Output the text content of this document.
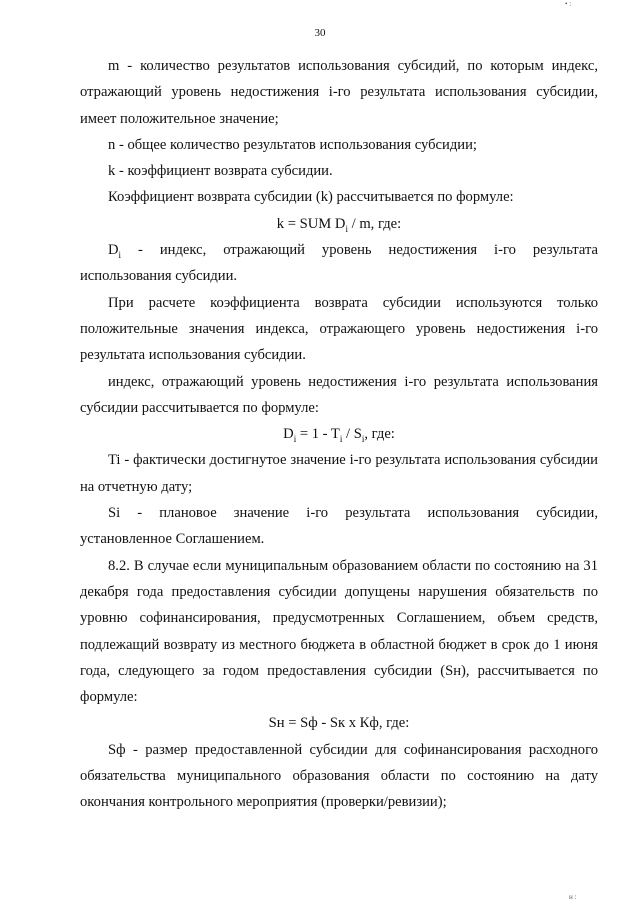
• :
30

m - количество результатов использования субсидий, по которым индекс, отражающий уровень недостижения i-го результата использования субсидии, имеет положительное значение;

n - общее количество результатов использования субсидии;

k - коэффициент возврата субсидии.

Коэффициент возврата субсидии (k) рассчитывается по формуле:

k = SUM $D_i$ / m, где:

$D_i$ - индекс, отражающий уровень недостижения i-го результата использования субсидии.

При расчете коэффициента возврата субсидии используются только положительные значения индекса, отражающего уровень недостижения i-го результата использования субсидии.

индекс, отражающий уровень недостижения i-го результата использования субсидии рассчитывается по формуле:

$D_i = 1 - T_i / S_i$, где:

Ti - фактически достигнутое значение i-го результата использования субсидии на отчетную дату;

Si - плановое значение i-го результата использования субсидии, установленное Соглашением.

8.2. В случае если муниципальным образованием области по состоянию на 31 декабря года предоставления субсидии допущены нарушения обязательств по уровню софинансирования, предусмотренных Соглашением, объем средств, подлежащий возврату из местного бюджета в областной бюджет в срок до 1 июня года, следующего за годом предоставления субсидии (Sн), рассчитывается по формуле:

Sн = Sф - Sк х Кф, где:

Sф - размер предоставленной субсидии для софинансирования расходного обязательства муниципального образования области по состоянию на дату окончания контрольного мероприятия (проверки/ревизии);

н :
